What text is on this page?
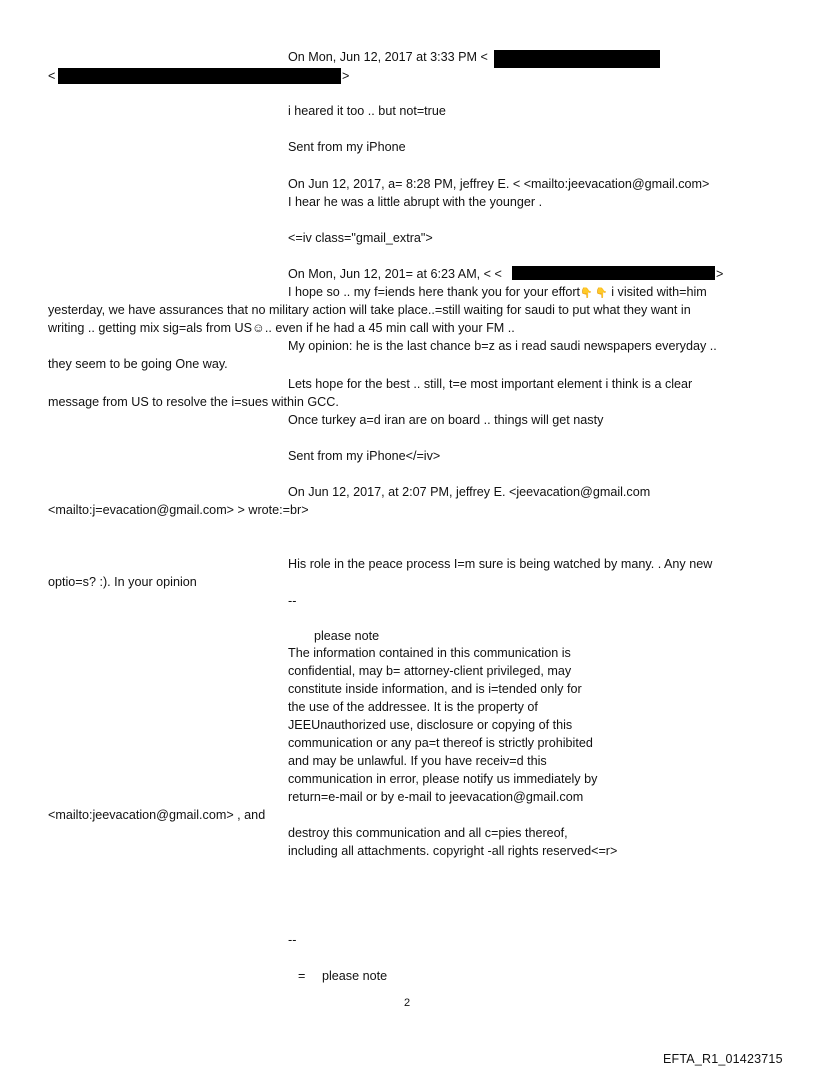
On Mon, Jun 12, 2017 at 3:33 PM <
<	>
i heared it too .. but not=true
Sent from my iPhone
On Jun 12, 2017, a= 8:28 PM, jeffrey E. < <mailto:jeevacation@gmail.com>
I hear he was a little abrupt with the younger .
<=iv class="gmail_extra">
On Mon, Jun 12, 201= at 6:23 AM, < <	>
I hope so .. my f=iends here thank you for your effort👇 👇 i visited with=him
yesterday, we have assurances that no military action will take place..=still waiting for saudi to put what they want in
writing .. getting mix sig=als from US☺.. even if he had a 45 min call with your FM ..
My opinion: he is the last chance b=z as i read saudi newspapers everyday ..
they seem to be going One way.
Lets hope for the best .. still, t=e most important element i think is a clear
message from US to resolve the i=sues within GCC.
Once turkey a=d iran are on board .. things will get nasty
Sent from my iPhone</=iv>
On Jun 12, 2017, at 2:07 PM, jeffrey E. <jeevacation@gmail.com
<mailto:j=evacation@gmail.com> > wrote:=br>
His role in the peace process I=m sure is being watched by many. . Any new
optio=s? :). In your opinion
--
please note
The information contained in this communication is
confidential, may b= attorney-client privileged, may
constitute inside information, and is i=tended only for
the use of the addressee. It is the property of
JEEUnauthorized use, disclosure or copying of this
communication or any pa=t thereof is strictly prohibited
and may be unlawful. If you have receiv=d this
communication in error, please notify us immediately by
return=e-mail or by e-mail to jeevacation@gmail.com
<mailto:jeevacation@gmail.com> , and
destroy this communication and all c=pies thereof,
including all attachments. copyright -all rights reserved<=r>
--
= please note
2
EFTA_R1_01423715
